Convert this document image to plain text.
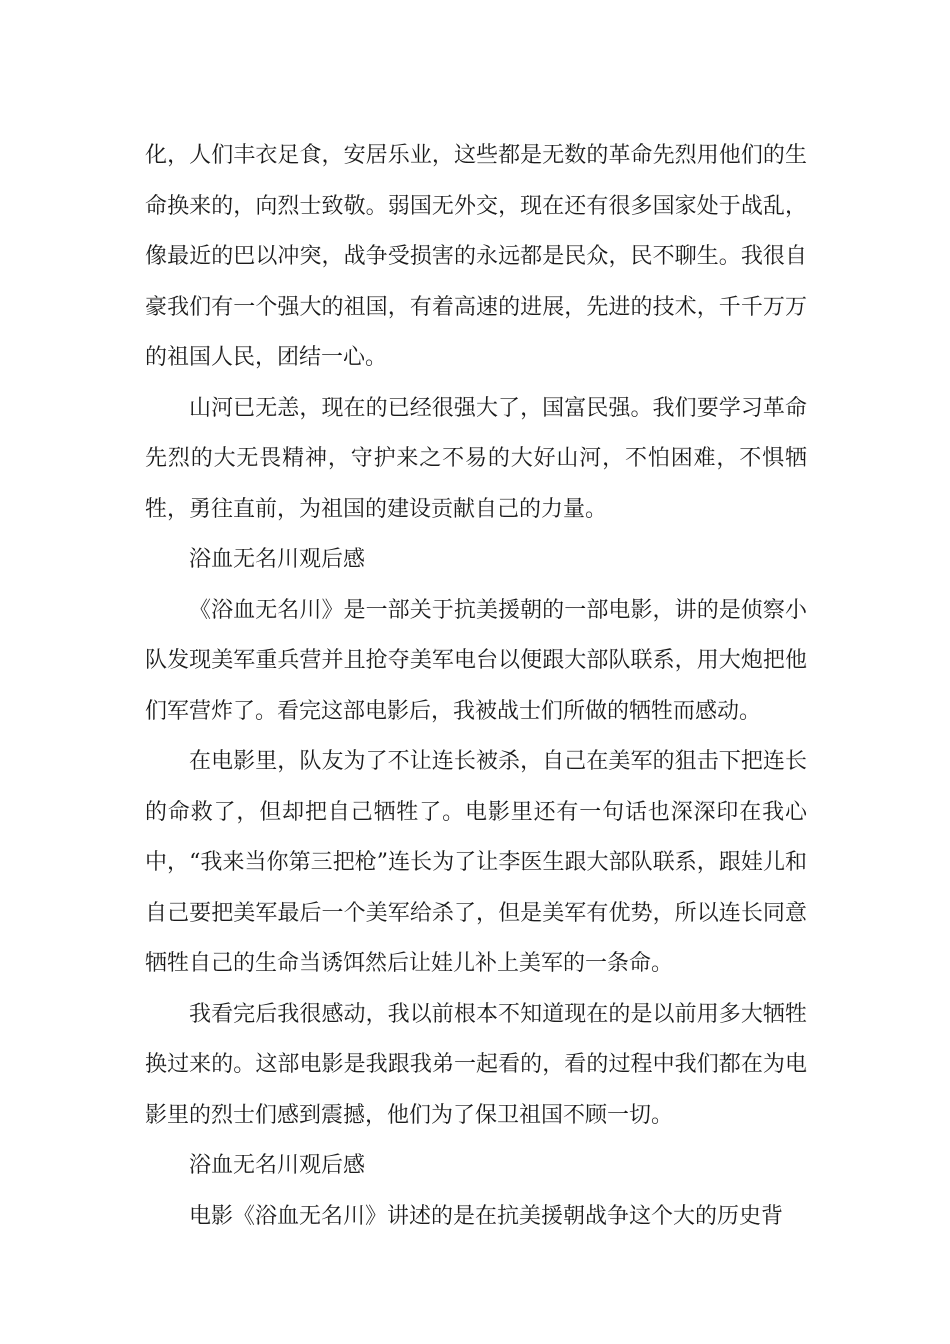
化，人们丰衣足食，安居乐业，这些都是无数的革命先烈用他们的生命换来的，向烈士致敬。弱国无外交，现在还有很多国家处于战乱，像最近的巴以冲突，战争受损害的永远都是民众，民不聊生。我很自豪我们有一个强大的祖国，有着高速的进展，先进的技术，千千万万的祖国人民，团结一心。

山河已无恙，现在的已经很强大了，国富民强。我们要学习革命先烈的大无畏精神，守护来之不易的大好山河，不怕困难，不惧牺牲，勇往直前，为祖国的建设贡献自己的力量。

浴血无名川观后感

《浴血无名川》是一部关于抗美援朝的一部电影，讲的是侦察小队发现美军重兵营并且抢夺美军电台以便跟大部队联系，用大炮把他们军营炸了。看完这部电影后，我被战士们所做的牺牲而感动。

在电影里，队友为了不让连长被杀，自己在美军的狙击下把连长的命救了，但却把自己牺牲了。电影里还有一句话也深深印在我心中，“我来当你第三把枪”连长为了让李医生跟大部队联系，跟娃儿和自己要把美军最后一个美军给杀了，但是美军有优势，所以连长同意牺牲自己的生命当诱饵然后让娃儿补上美军的一条命。

我看完后我很感动，我以前根本不知道现在的是以前用多大牺牲换过来的。这部电影是我跟我弟一起看的，看的过程中我们都在为电影里的烈士们感到震撼，他们为了保卫祖国不顾一切。

浴血无名川观后感

电影《浴血无名川》讲述的是在抗美援朝战争这个大的历史背
